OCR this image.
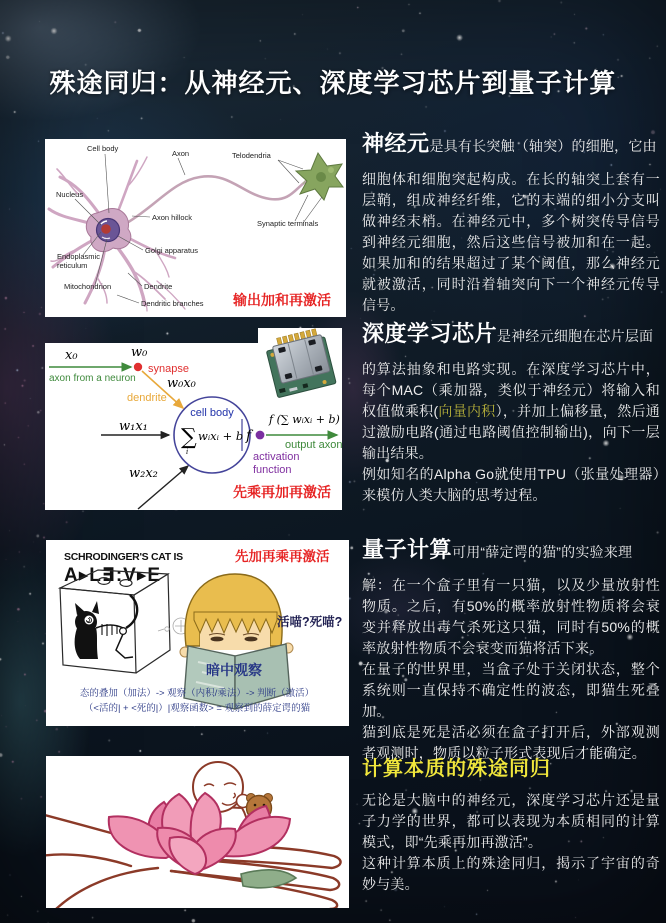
殊途同归：从神经元、深度学习芯片到量子计算
Cell body
Axon	Telodendria
Nucleus
Axon hillock
Synaptic terminals
Golgi apparatus
Endoplasmic
reticulum
Mitochondrion	Dendrite
Dendritic branches 输出加和再激活
x₀	w₀
axon from a neuron
synapse
w₀x₀
dendrite
cell body
∑
i
wᵢxᵢ + b f
w₁x₁
w₂x₂
f (∑ wᵢxᵢ + b)
output axon
activation
function
先乘再加再激活
SCHRODINGER'S CAT IS
A▸L∃:V▸E
先加再乘再激活
活喵?死喵?
暗中观察
态的叠加（加法）-> 观察（内积/乘法）-> 判断（激活）
（<活的| + <死的|）|观察函数> = 观察到的薛定谔的猫

神经元是具有长突触（轴突）的细胞，它由

细胞体和细胞突起构成。在长的轴突上套有一层鞘，组成神经纤维，它的末端的细小分支叫做神经末梢。在神经元中，多个树突传导信号到神经元细胞，然后这些信号被加和在一起。如果加和的结果超过了某个阈值，那么神经元就被激活，同时沿着轴突向下一个神经元传导信号。

深度学习芯片是神经元细胞在芯片层面

的算法抽象和电路实现。在深度学习芯片中，每个MAC（乘加器，类似于神经元）将输入和权值做乘积(向量内积），并加上偏移量，然后通过激励电路(通过电路阈值控制输出)，向下一层输出结果。

例如知名的Alpha Go就使用TPU（张量处理器）来模仿人类大脑的思考过程。

量子计算可用“薛定谔的猫”的实验来理

解：在一个盒子里有一只猫，以及少量放射性物质。之后，有50%的概率放射性物质将会衰变并释放出毒气杀死这只猫，同时有50%的概率放射性物质不会衰变而猫将活下来。

在量子的世界里，当盒子处于关闭状态，整个系统则一直保持不确定性的波态，即猫生死叠加。

猫到底是死是活必须在盒子打开后，外部观测者观测时，物质以粒子形式表现后才能确定。

计算本质的殊途同归

无论是大脑中的神经元，深度学习芯片还是量子力学的世界，都可以表现为本质相同的计算模式，即“先乘再加再激活”。

这种计算本质上的殊途同归，揭示了宇宙的奇妙与美。
